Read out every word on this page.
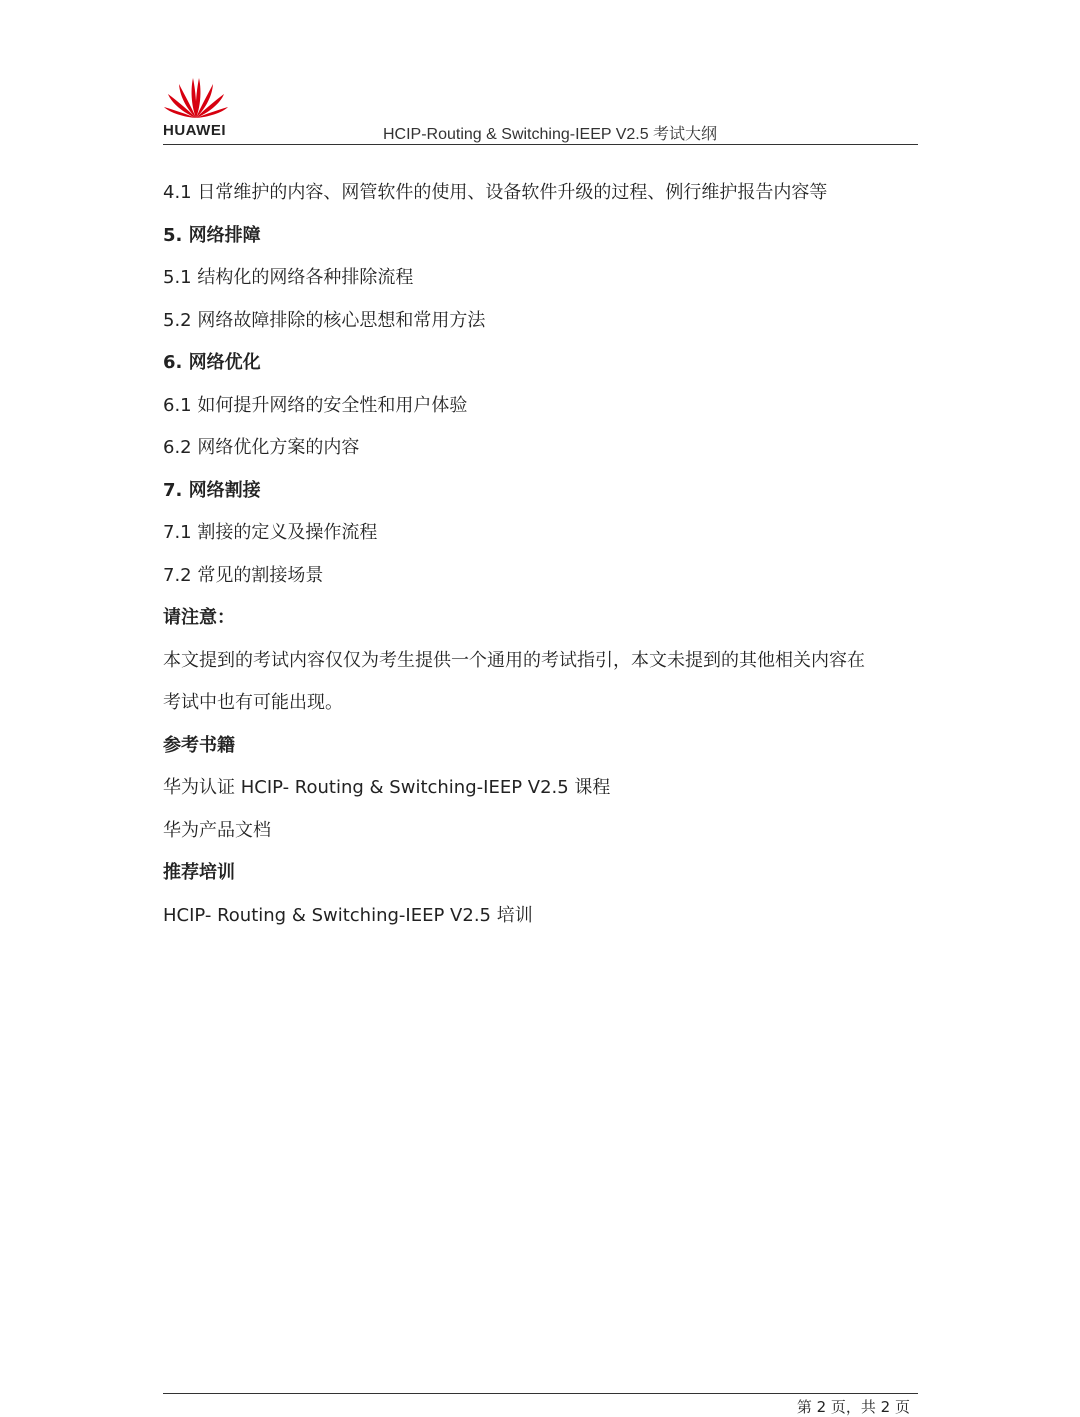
HUAWEI	HCIP-Routing & Switching-IEEP V2.5 考试大纲
4.1 日常维护的内容、网管软件的使用、设备软件升级的过程、例行维护报告内容等
5. 网络排障
5.1 结构化的网络各种排除流程
5.2 网络故障排除的核心思想和常用方法
6. 网络优化
6.1 如何提升网络的安全性和用户体验
6.2 网络优化方案的内容
7. 网络割接
7.1 割接的定义及操作流程
7.2 常见的割接场景
请注意：
本文提到的考试内容仅仅为考生提供一个通用的考试指引，本文未提到的其他相关内容在
考试中也有可能出现。
参考书籍
华为认证 HCIP- Routing & Switching-IEEP V2.5 课程
华为产品文档
推荐培训
HCIP- Routing & Switching-IEEP V2.5 培训
第 2 页，共 2 页
